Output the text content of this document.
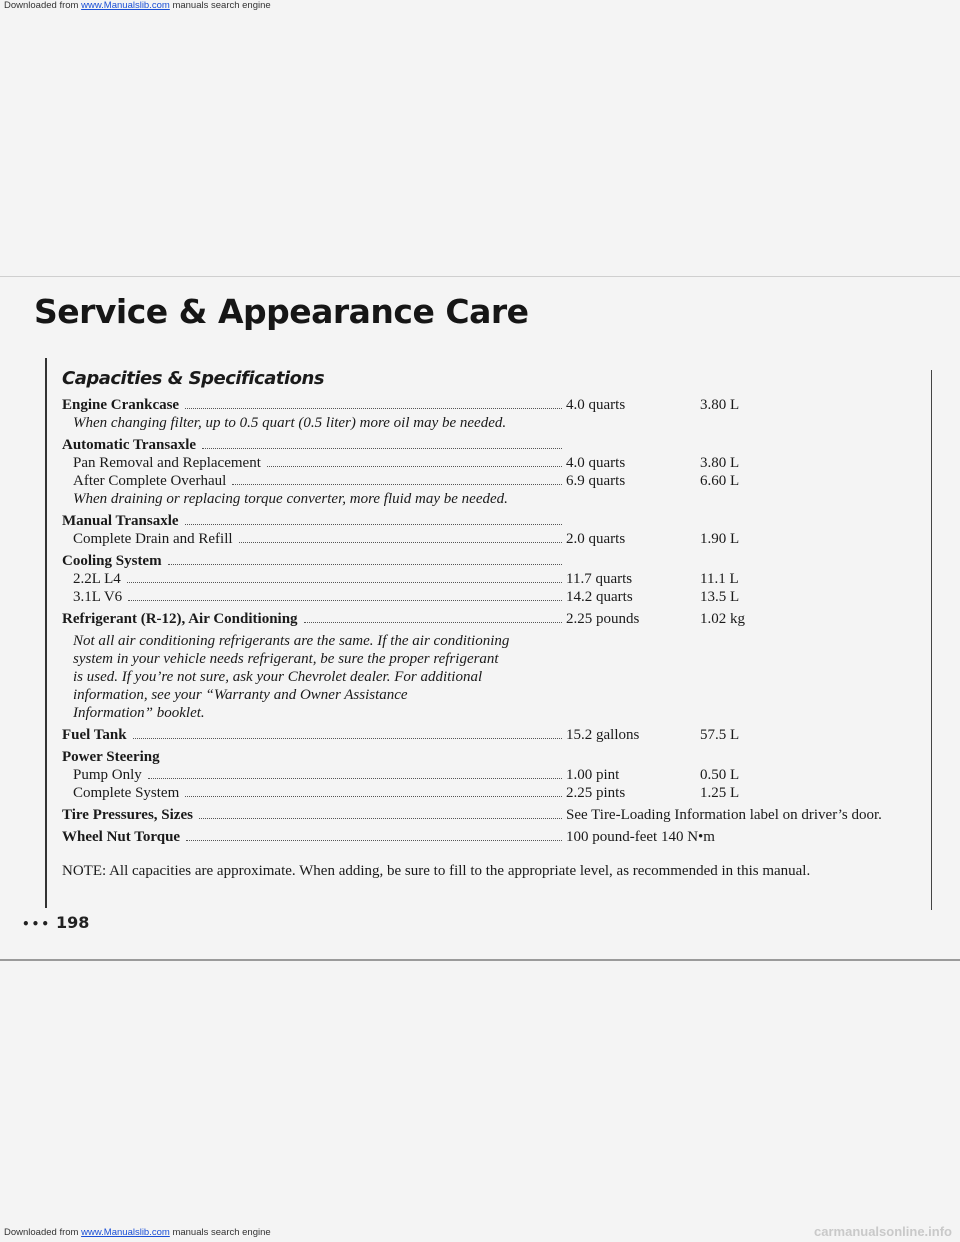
Downloaded from www.Manualslib.com manuals search engine
Service & Appearance Care
Capacities & Specifications
Engine Crankcase	4.0 quarts	3.80 L
When changing filter, up to 0.5 quart (0.5 liter) more oil may be needed.
Automatic Transaxle
Pan Removal and Replacement	4.0 quarts	3.80 L
After Complete Overhaul	6.9 quarts	6.60 L
When draining or replacing torque converter, more fluid may be needed.
Manual Transaxle
Complete Drain and Refill	2.0 quarts	1.90 L
Cooling System
2.2L L4	11.7 quarts	11.1 L
3.1L V6	14.2 quarts	13.5 L
Refrigerant (R-12), Air Conditioning	2.25 pounds	1.02 kg
Not all air conditioning refrigerants are the same. If the air conditioning
system in your vehicle needs refrigerant, be sure the proper refrigerant
is used. If you’re not sure, ask your Chevrolet dealer. For additional
information, see your “Warranty and Owner Assistance
Information” booklet.
Fuel Tank	15.2 gallons	57.5 L
Power Steering
Pump Only	1.00 pint	0.50 L
Complete System	2.25 pints	1.25 L
Tire Pressures, Sizes	See Tire-Loading Information label on driver’s door.
Wheel Nut Torque	100 pound-feet 140 N•m
NOTE: All capacities are approximate. When adding, be sure to fill to the appropriate level, as recommended in this manual.
••• 198
Downloaded from www.Manualslib.com manuals search engine	carmanualsonline.info
